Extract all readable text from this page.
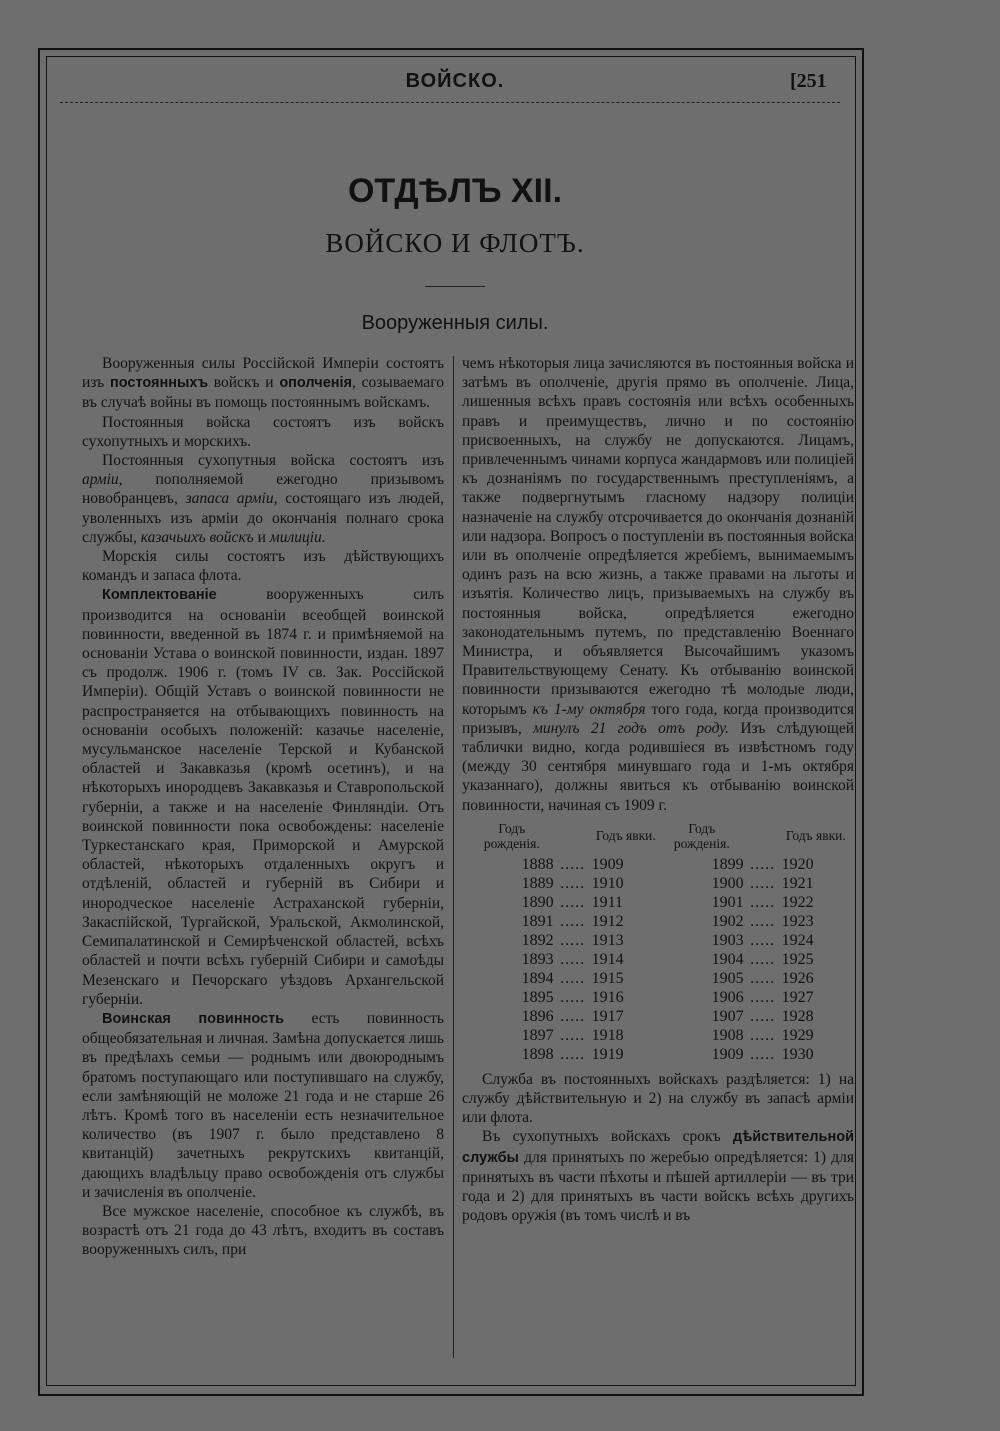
ВОЙСКО.	[251
ОТДѢЛЪ XII.
ВОЙСКО И ФЛОТЪ.
Вооруженныя силы.

Вооруженныя силы Россійской Имперіи состоятъ изъ постоянныхъ войскъ и ополченія, созываемаго въ случаѣ войны въ помощь постояннымъ войскамъ.

Постоянныя войска состоятъ изъ войскъ сухопутныхъ и морскихъ.

Постоянныя сухопутныя войска состоятъ изъ арміи, пополняемой ежегодно призывомъ новобранцевъ, запаса арміи, состоящаго изъ людей, уволенныхъ изъ арміи до окончанія полнаго срока службы, казачьихъ войскъ и милиціи.

Морскія силы состоятъ изъ дѣйствующихъ командъ и запаса флота.

Комплектованіе вооруженныхъ силъ производится на основаніи всеобщей воинской повинности, введенной въ 1874 г. и примѣняемой на основаніи Устава о воинской повинности, издан. 1897 съ продолж. 1906 г. (томъ IV св. Зак. Россійской Имперіи). Общій Уставъ о воинской повинности не распространяется на отбывающихъ повинность на основаніи особыхъ положеній: казачье населеніе, мусульманское населеніе Терской и Кубанской областей и Закавказья (кромѣ осетинъ), и на нѣкоторыхъ инородцевъ Закавказья и Ставропольской губерніи, а также и на населеніе Финляндіи. Отъ воинской повинности пока освобождены: населеніе Туркестанскаго края, Приморской и Амурской областей, нѣкоторыхъ отдаленныхъ округъ и отдѣленій, областей и губерній въ Сибири и инородческое населеніе Астраханской губерніи, Закаспійской, Тургайской, Уральской, Акмолинской, Семипалатинской и Семирѣченской областей, всѣхъ областей и почти всѣхъ губерній Сибири и самоѣды Мезенскаго и Печорскаго уѣздовъ Архангельской губерніи.

Воинская повинность есть повинность общеобязательная и личная. Замѣна допускается лишь въ предѣлахъ семьи — роднымъ или двоюроднымъ братомъ поступающаго или поступившаго на службу, если замѣняющій не моложе 21 года и не старше 26 лѣтъ. Кромѣ того въ населеніи есть незначительное количество (въ 1907 г. было представлено 8 квитанцій) зачетныхъ рекрутскихъ квитанцій, дающихъ владѣльцу право освобожденія отъ службы и зачисленія въ ополченіе.

Все мужское населеніе, способное къ службѣ, въ возрастѣ отъ 21 года до 43 лѣтъ, входитъ въ составъ вооруженныхъ силъ, при

чемъ нѣкоторыя лица зачисляются въ постоянныя войска и затѣмъ въ ополченіе, другія прямо въ ополченіе. Лица, лишенныя всѣхъ правъ состоянія или всѣхъ особенныхъ правъ и преимуществъ, лично и по состоянію присвоенныхъ, на службу не допускаются. Лицамъ, привлеченнымъ чинами корпуса жандармовъ или полиціей къ дознаніямъ по государственнымъ преступленіямъ, а также подвергнутымъ гласному надзору полиціи назначеніе на службу отсрочивается до окончанія дознаній или надзора. Вопросъ о поступленіи въ постоянныя войска или въ ополченіе опредѣляется жребіемъ, вынимаемымъ одинъ разъ на всю жизнь, а также правами на льготы и изъятія. Количество лицъ, призываемыхъ на службу въ постоянныя войска, опредѣляется ежегодно законодательнымъ путемъ, по представленію Военнаго Министра, и объявляется Высочайшимъ указомъ Правительствующему Сенату. Къ отбыванію воинской повинности призываются ежегодно тѣ молодые люди, которымъ къ 1-му октября того года, когда производится призывъ, минулъ 21 годъ отъ роду. Изъ слѣдующей таблички видно, когда родившіеся въ извѣстномъ году (между 30 сентября минувшаго года и 1-мъ октября указаннаго), должны явиться къ отбыванію воинской повинности, начиная съ 1909 г.

Годъ рожденія.		Годъ явки.	Годъ рожденія.		Годъ явки.
1888	.....	1909	1899	.....	1920
1889	.....	1910	1900	.....	1921
1890	.....	1911	1901	.....	1922
1891	.....	1912	1902	.....	1923
1892	.....	1913	1903	.....	1924
1893	.....	1914	1904	.....	1925
1894	.....	1915	1905	.....	1926
1895	.....	1916	1906	.....	1927
1896	.....	1917	1907	.....	1928
1897	.....	1918	1908	.....	1929
1898	.....	1919	1909	.....	1930

Служба въ постоянныхъ войскахъ раздѣляется: 1) на службу дѣйствительную и 2) на службу въ запасѣ арміи или флота.

Въ сухопутныхъ войскахъ срокъ дѣйствительной службы для принятыхъ по жеребью опредѣляется: 1) для принятыхъ въ части пѣхоты и пѣшей артиллеріи — въ три года и 2) для принятыхъ въ части войскъ всѣхъ другихъ родовъ оружія (въ томъ числѣ и въ
